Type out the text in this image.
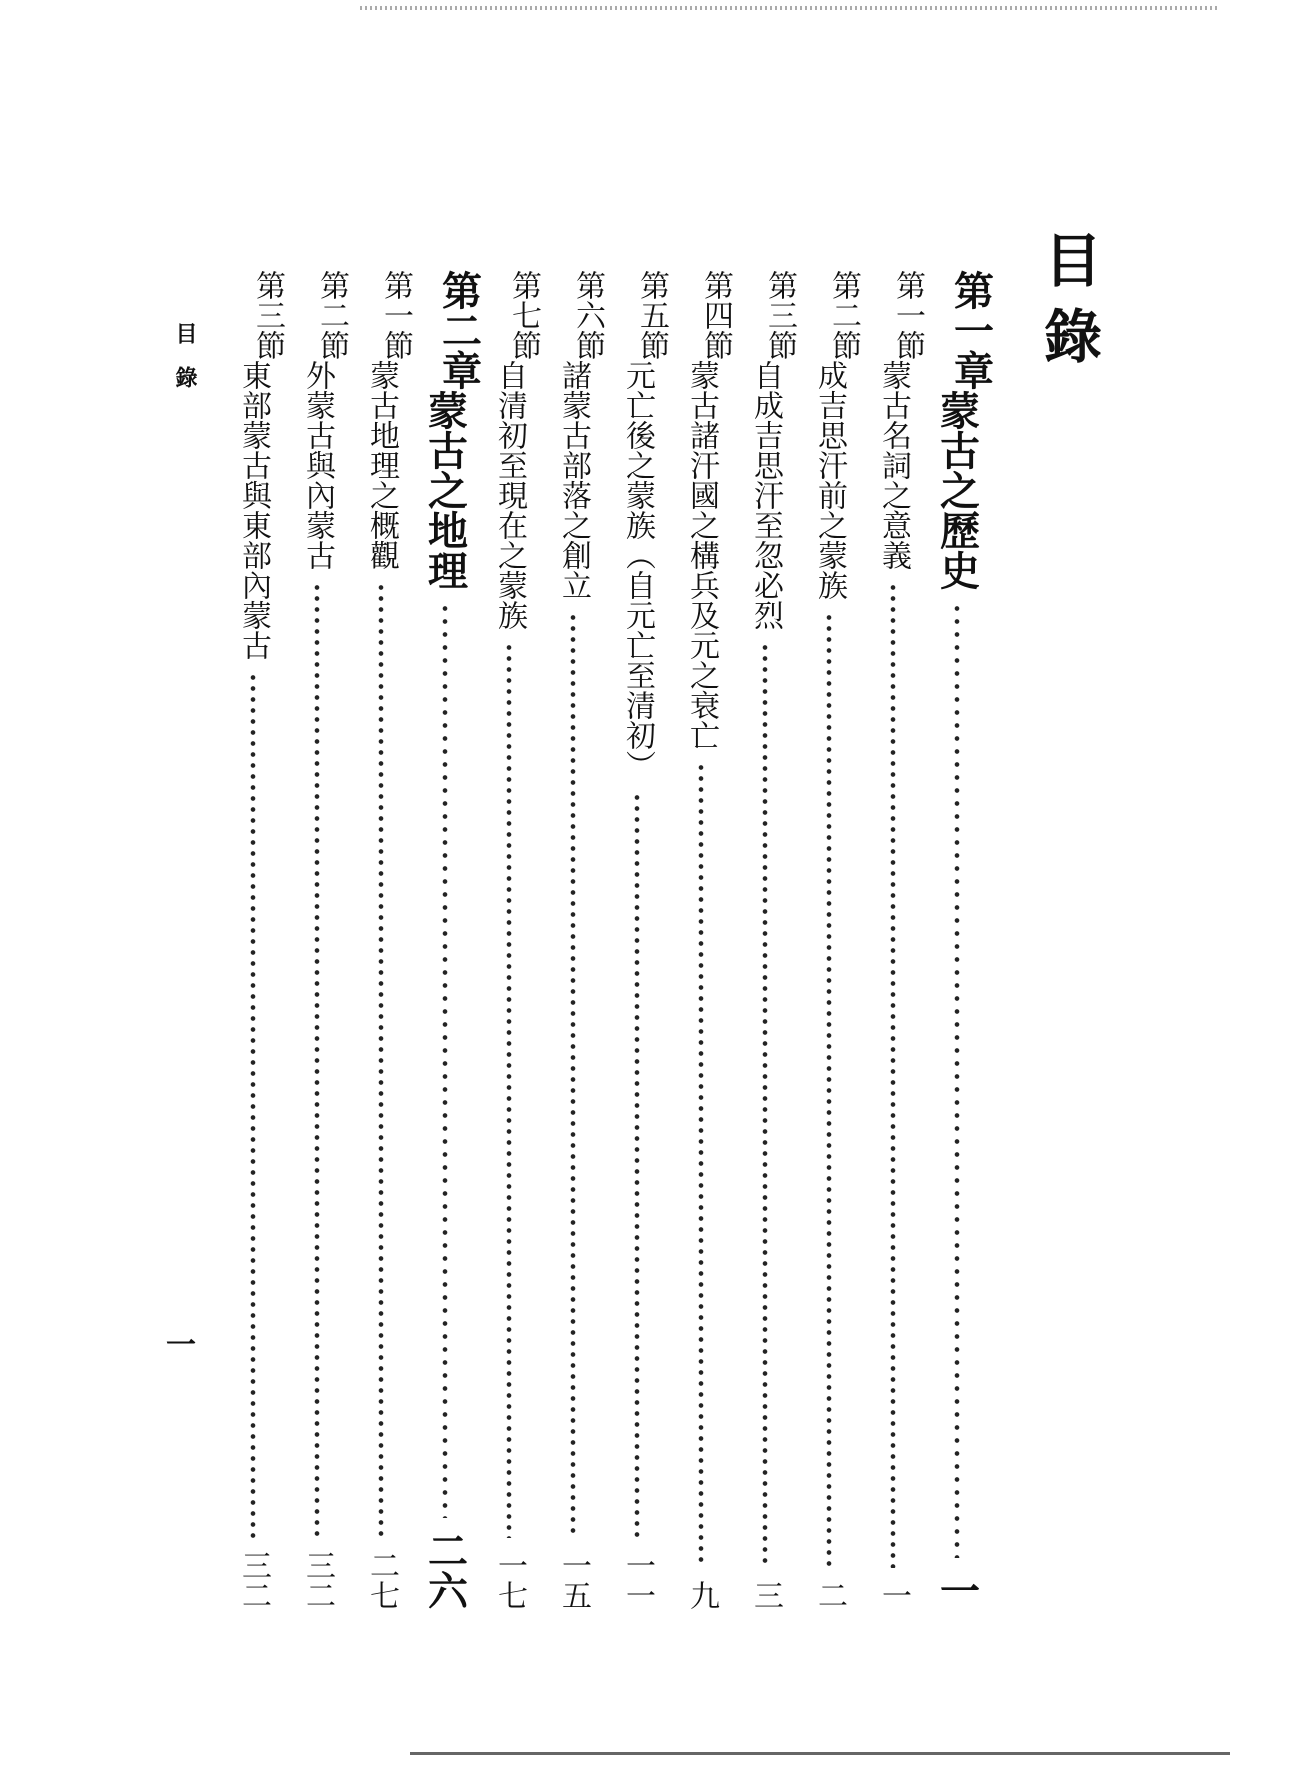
目錄
第一章
蒙古之歷史
一
第一節
蒙古名詞之意義
一
第二節
成吉思汗前之蒙族
二
第三節
自成吉思汗至忽必烈
三
第四節
蒙古諸汗國之構兵及元之衰亡
九
第五節
元亡後之蒙族（自元亡至清初）
一一
第六節
諸蒙古部落之創立
一五
第七節
自清初至現在之蒙族
一七
第二章
蒙古之地理
二六
第一節
蒙古地理之概觀
二七
第二節
外蒙古與內蒙古
三二
第三節
東部蒙古與東部內蒙古
三二
目錄
一
